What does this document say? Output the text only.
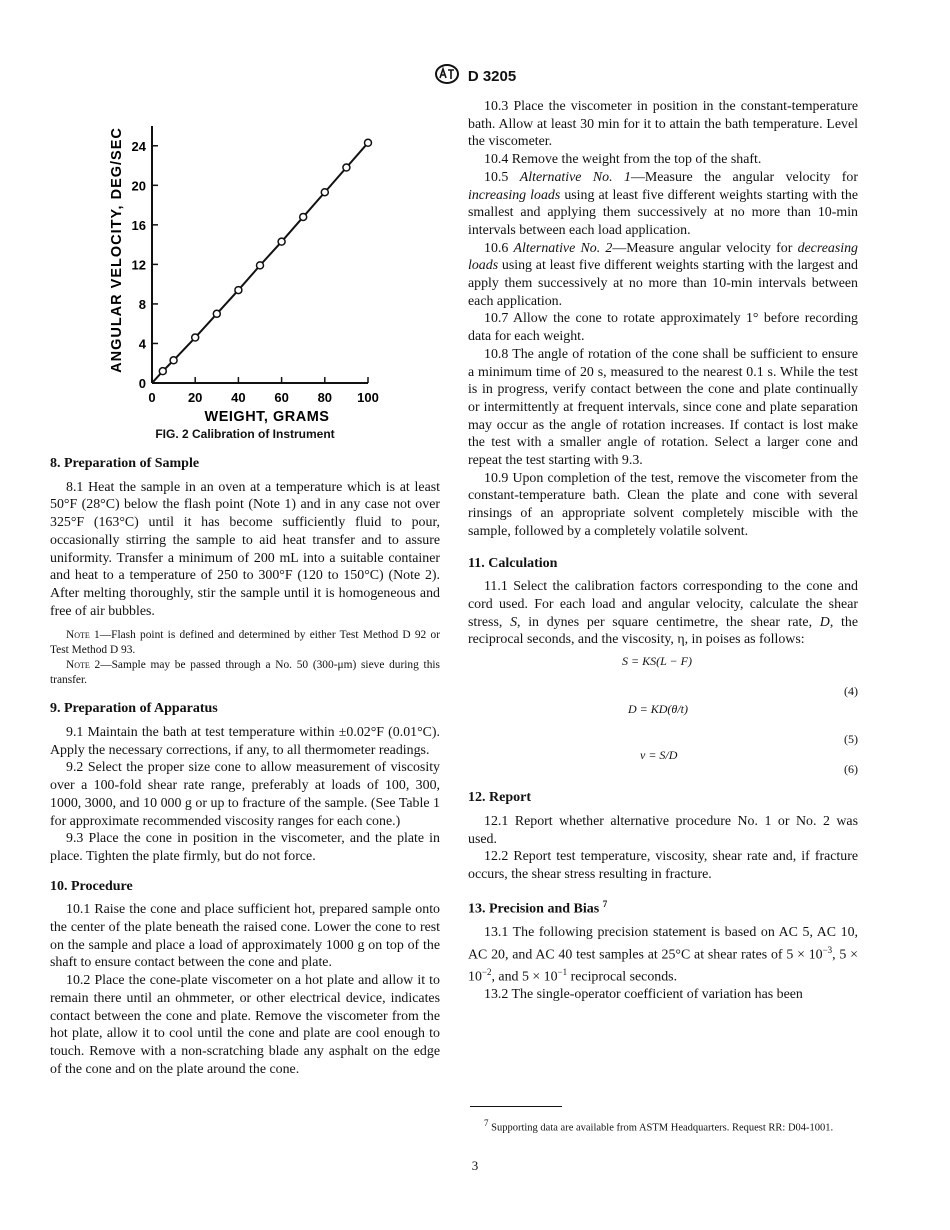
D 3205
0
4
8
12
16
20
24
0 20 40 60 80 100
ANGULAR VELOCITY, DEG/SEC
WEIGHT, GRAMS
FIG. 2 Calibration of Instrument
8. Preparation of Sample

8.1 Heat the sample in an oven at a temperature which is at least 50°F (28°C) below the flash point (Note 1) and in any case not over 325°F (163°C) until it has become sufficiently fluid to pour, occasionally stirring the sample to aid heat transfer and to assure uniformity. Transfer a minimum of 200 mL into a suitable container and heat to a temperature of 250 to 300°F (120 to 150°C) (Note 2). After melting thoroughly, stir the sample until it is homogeneous and free of air bubbles.

Note 1—Flash point is defined and determined by either Test Method D 92 or Test Method D 93.

Note 2—Sample may be passed through a No. 50 (300-μm) sieve during this transfer.

9. Preparation of Apparatus

9.1 Maintain the bath at test temperature within ±0.02°F (0.01°C). Apply the necessary corrections, if any, to all thermometer readings.

9.2 Select the proper size cone to allow measurement of viscosity over a 100-fold shear rate range, preferably at loads of 100, 300, 1000, 3000, and 10 000 g or up to fracture of the sample. (See Table 1 for approximate recommended viscosity ranges for each cone.)

9.3 Place the cone in position in the viscometer, and the plate in place. Tighten the plate firmly, but do not force.

10. Procedure

10.1 Raise the cone and place sufficient hot, prepared sample onto the center of the plate beneath the raised cone. Lower the cone to rest on the sample and place a load of approximately 1000 g on top of the shaft to ensure contact between the cone and plate.

10.2 Place the cone-plate viscometer on a hot plate and allow it to remain there until an ohmmeter, or other electrical device, indicates contact between the cone and plate. Remove the viscometer from the hot plate, allow it to cool until the cone and plate are cool enough to touch. Remove with a non-scratching blade any asphalt on the edge of the cone and on the plate around the cone.

10.3 Place the viscometer in position in the constant-temperature bath. Allow at least 30 min for it to attain the bath temperature. Level the viscometer.

10.4 Remove the weight from the top of the shaft.

10.5 Alternative No. 1—Measure the angular velocity for increasing loads using at least five different weights starting with the smallest and applying them successively at no more than 10-min intervals between each load application.

10.6 Alternative No. 2—Measure angular velocity for decreasing loads using at least five different weights starting with the largest and apply them successively at no more than 10-min intervals between each application.

10.7 Allow the cone to rotate approximately 1° before recording data for each weight.

10.8 The angle of rotation of the cone shall be sufficient to ensure a minimum time of 20 s, measured to the nearest 0.1 s. While the test is in progress, verify contact between the cone and plate continually or intermittently at frequent intervals, since cone and plate separation may occur as the angle of rotation increases. If contact is lost make the test with a smaller angle of rotation. Select a larger cone and repeat the test starting with 9.3.

10.9 Upon completion of the test, remove the viscometer from the constant-temperature bath. Clean the plate and cone with several rinsings of an appropriate solvent completely miscible with the sample, followed by a completely volatile solvent.

11. Calculation

11.1 Select the calibration factors corresponding to the cone and cord used. For each load and angular velocity, calculate the shear stress, S, in dynes per square centimetre, the shear rate, D, the reciprocal seconds, and the viscosity, η, in poises as follows:

S = KS(L − F)
(4)
D = KD(θ/t)
(5)
ν = S/D
(6)
12. Report

12.1 Report whether alternative procedure No. 1 or No. 2 was used.

12.2 Report test temperature, viscosity, shear rate and, if fracture occurs, the shear stress resulting in fracture.

13. Precision and Bias $^7$

13.1 The following precision statement is based on AC 5, AC 10, AC 20, and AC 40 test samples at 25°C at shear rates of $5 \times 10^{-3}$, $5 \times 10^{-2}$, and $5 \times 10^{-1}$ reciprocal seconds.

13.2 The single-operator coefficient of variation has been

$^7$ Supporting data are available from ASTM Headquarters. Request RR: D04-1001.
3
